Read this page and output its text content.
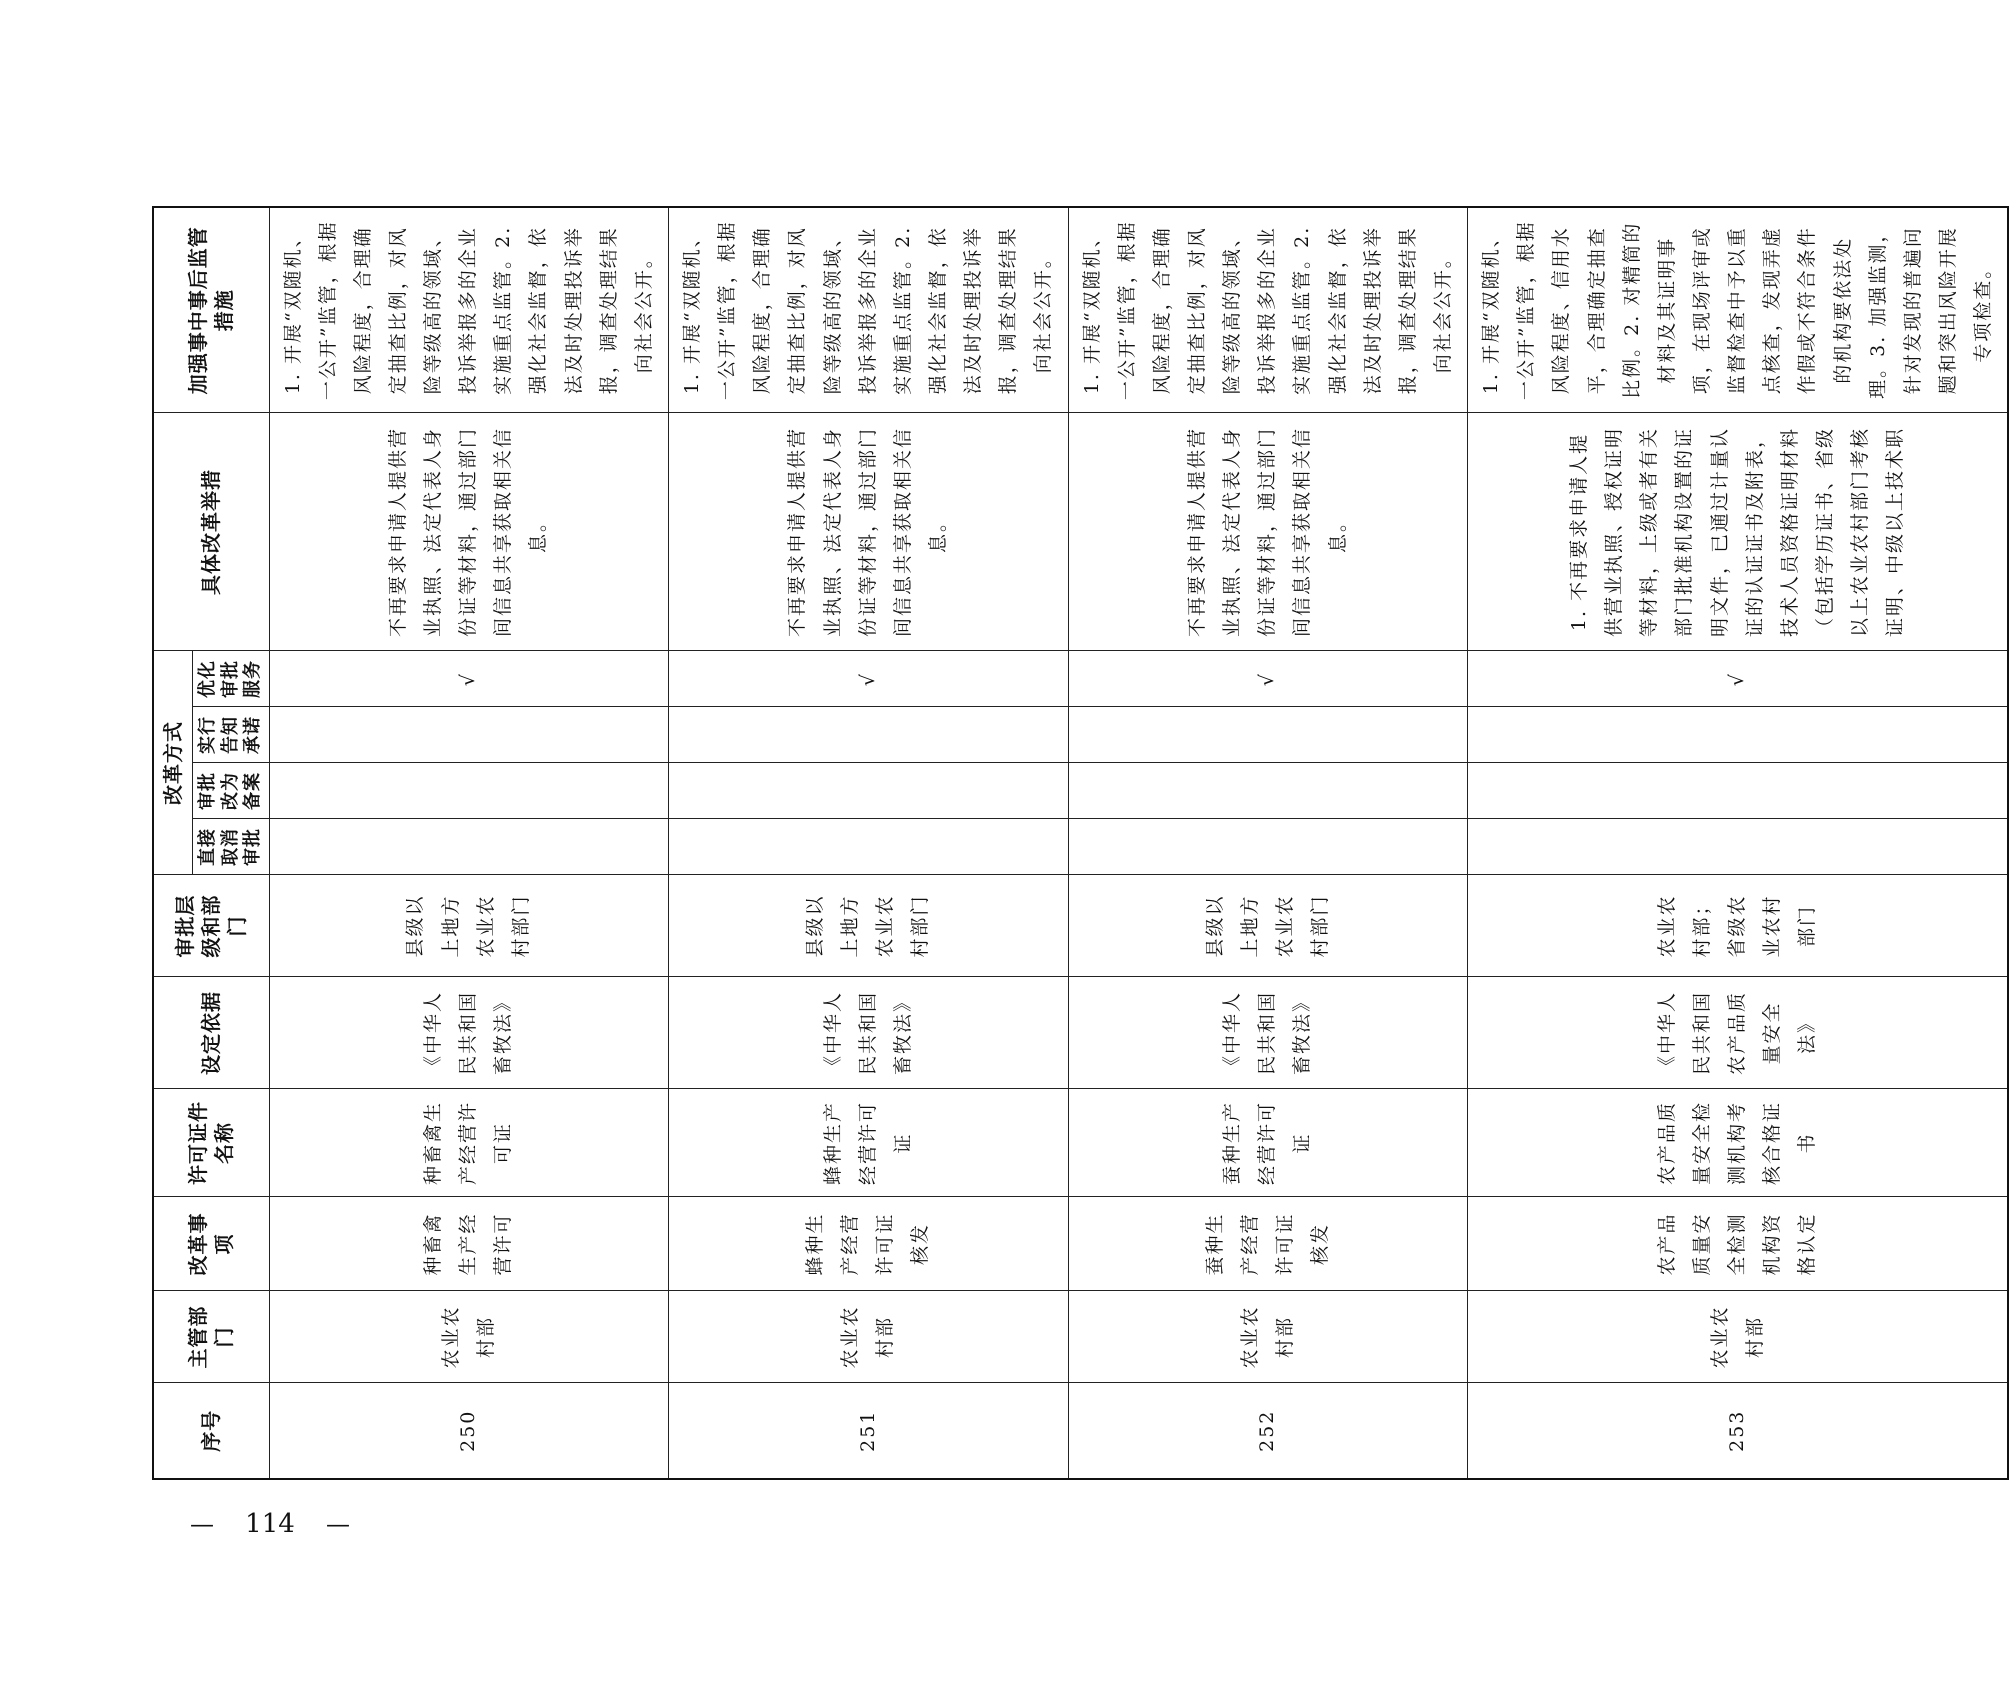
序号	主管部门	改革事项	许可证件名称	设定依据	审批层级和部门	改革方式				具体改革举措	加强事中事后监管措施
						直接取消审批	审批改为备案	实行告知承诺	优化审批服务		
250	农业农村部	种畜禽生产经营许可	种畜禽生产经营许可证	《中华人民共和国畜牧法》	县级以上地方农业农村部门				√	不再要求申请人提供营业执照、法定代表人身份证等材料，通过部门间信息共享获取相关信息。	1. 开展“双随机、一公开”监管，根据风险程度，合理确定抽查比例，对风险等级高的领域、投诉举报多的企业实施重点监管。2. 强化社会监督，依法及时处理投诉举报，调查处理结果向社会公开。
251	农业农村部	蜂种生产经营许可证核发	蜂种生产经营许可证	《中华人民共和国畜牧法》	县级以上地方农业农村部门				√	不再要求申请人提供营业执照、法定代表人身份证等材料，通过部门间信息共享获取相关信息。	1. 开展“双随机、一公开”监管，根据风险程度，合理确定抽查比例，对风险等级高的领域、投诉举报多的企业实施重点监管。2. 强化社会监督，依法及时处理投诉举报，调查处理结果向社会公开。
252	农业农村部	蚕种生产经营许可证核发	蚕种生产经营许可证	《中华人民共和国畜牧法》	县级以上地方农业农村部门				√	不再要求申请人提供营业执照、法定代表人身份证等材料，通过部门间信息共享获取相关信息。	1. 开展“双随机、一公开”监管，根据风险程度，合理确定抽查比例，对风险等级高的领域、投诉举报多的企业实施重点监管。2. 强化社会监督，依法及时处理投诉举报，调查处理结果向社会公开。
253	农业农村部	农产品质量安全检测机构资格认定	农产品质量安全检测机构考核合格证书	《中华人民共和国农产品质量安全法》	农业农村部；省级农业农村部门				√	1. 不再要求申请人提供营业执照、授权证明等材料，上级或者有关部门批准机构设置的证明文件，已通过计量认证的认证证书及附表，技术人员资格证明材料（包括学历证书、省级以上农业农村部门考核证明、中级以上技术职	1. 开展“双随机、一公开”监管，根据风险程度、信用水平，合理确定抽查比例。2. 对精简的材料及其证明事项，在现场评审或监督检查中予以重点核查，发现弄虚作假或不符合条件的机构要依法处理。3. 加强监测，针对发现的普遍问题和突出风险开展专项检查。
— 114 —
